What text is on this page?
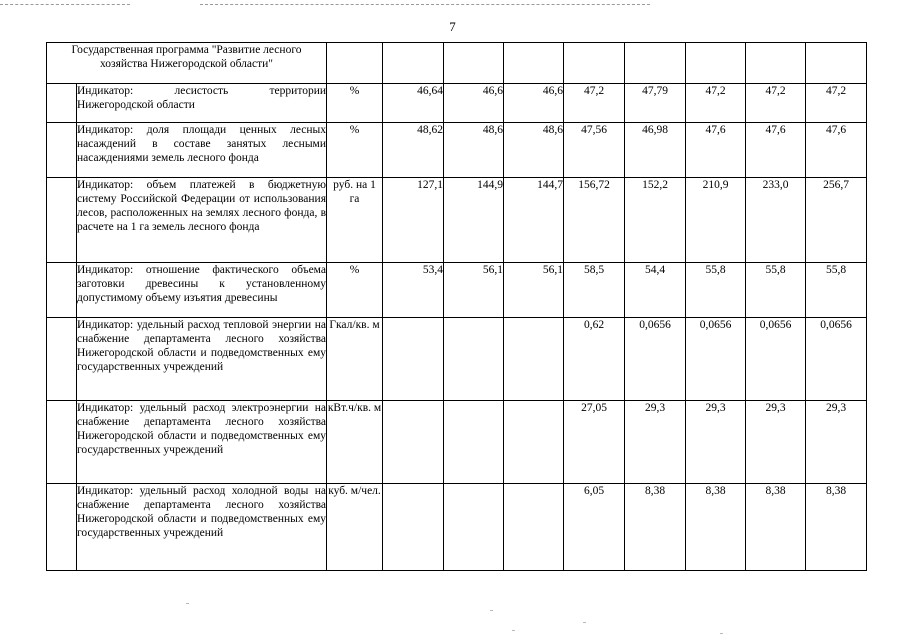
7
Государственная программа "Развитие лесного хозяйства Нижегородской области"										
	Индикатор: лесистость территории Нижегородской области	%	46,64	46,6	46,6	47,2	47,79	47,2	47,2	47,2
	Индикатор: доля площади ценных лесных насаждений в составе занятых лесными насаждениями земель лесного фонда	%	48,62	48,6	48,6	47,56	46,98	47,6	47,6	47,6
	Индикатор: объем платежей в бюджетную систему Российской Федерации от использования лесов, расположенных на землях лесного фонда, в расчете на 1 га земель лесного фонда	руб. на 1 га	127,1	144,9	144,7	156,72	152,2	210,9	233,0	256,7
	Индикатор: отношение фактического объема заготовки древесины к установленному допустимому объему изъятия древесины	%	53,4	56,1	56,1	58,5	54,4	55,8	55,8	55,8
	Индикатор: удельный расход тепловой энергии на снабжение департамента лесного хозяйства Нижегородской области и подведомственных ему государственных учреждений	Гкал/кв. м				0,62	0,0656	0,0656	0,0656	0,0656
	Индикатор: удельный расход электроэнергии на снабжение департамента лесного хозяйства Нижегородской области и подведомственных ему государственных учреждений	кВт.ч/кв. м				27,05	29,3	29,3	29,3	29,3
	Индикатор: удельный расход холодной воды на снабжение департамента лесного хозяйства Нижегородской области и подведомственных ему государственных учреждений	куб. м/чел.				6,05	8,38	8,38	8,38	8,38
